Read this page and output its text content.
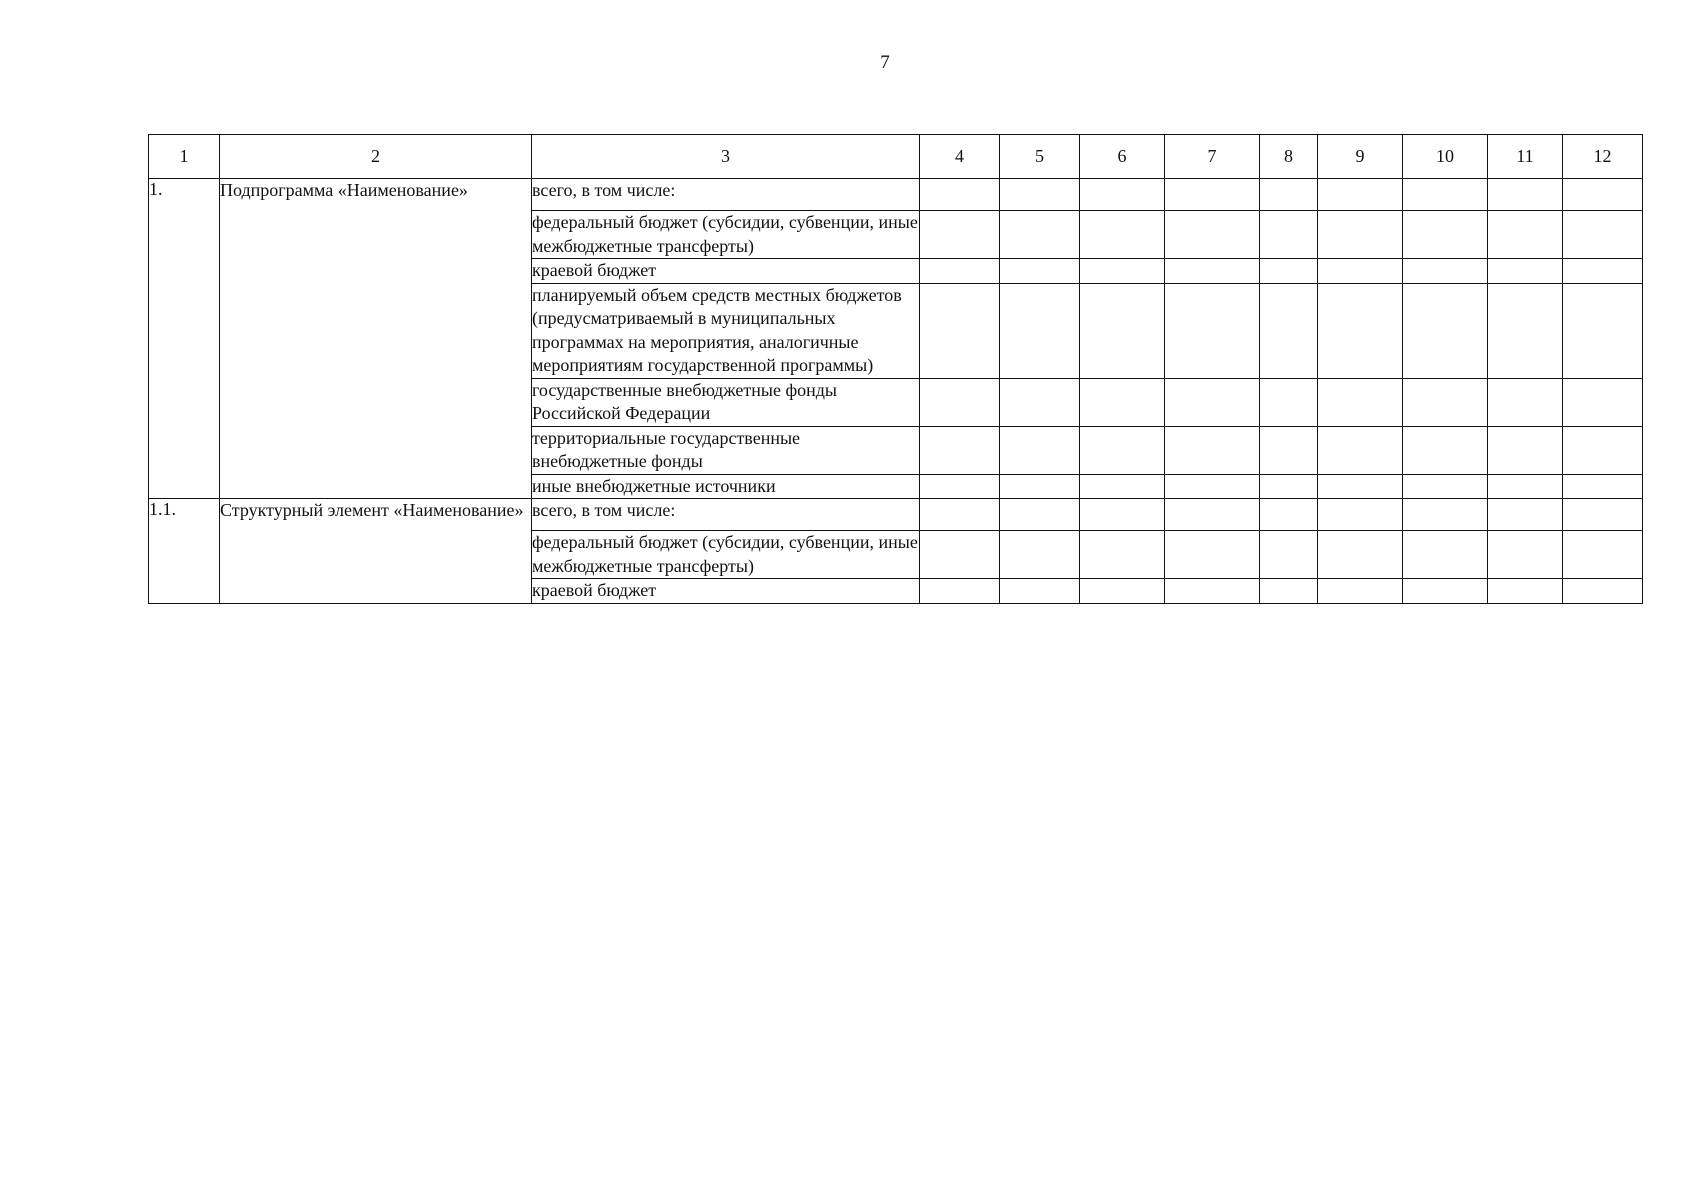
7
1	2	3	4	5	6	7	8	9	10	11	12
1.	Подпрограмма «Наименование»	всего, в том числе:									
		федеральный бюджет (субсидии, субвенции, иные межбюджетные трансферты)									
		краевой бюджет									
		планируемый объем средств местных бюджетов (предусматриваемый в муниципальных программах на мероприятия, аналогичные мероприятиям государственной программы)									
		государственные внебюджетные фонды Российской Федерации									
		территориальные государственные внебюджетные фонды									
		иные внебюджетные источники									
1.1.	Структурный элемент «Наименование»	всего, в том числе:									
		федеральный бюджет (субсидии, субвенции, иные межбюджетные трансферты)									
		краевой бюджет									
